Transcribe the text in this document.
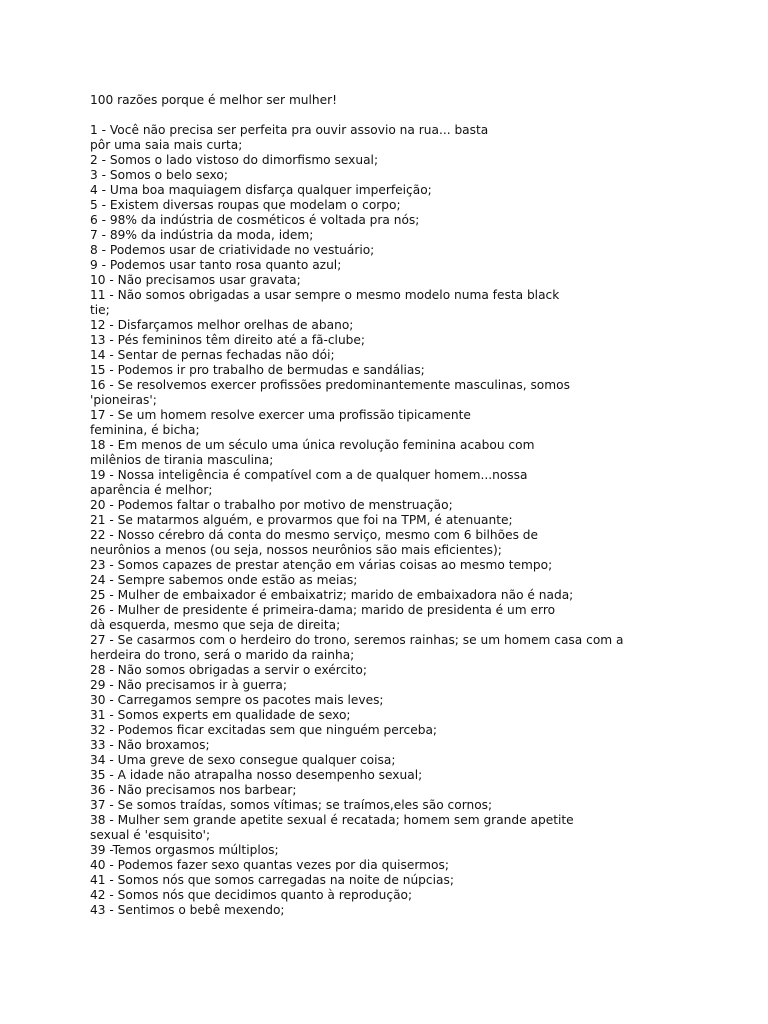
100 razões porque é melhor ser mulher!
1 - Você não precisa ser perfeita pra ouvir assovio na rua... basta
pôr uma saia mais curta;
2 - Somos o lado vistoso do dimorfismo sexual;
3 - Somos o belo sexo;
4 - Uma boa maquiagem disfarça qualquer imperfeição;
5 - Existem diversas roupas que modelam o corpo;
6 - 98% da indústria de cosméticos é voltada pra nós;
7 - 89% da indústria da moda, idem;
8 - Podemos usar de criatividade no vestuário;
9 - Podemos usar tanto rosa quanto azul;
10 - Não precisamos usar gravata;
11 - Não somos obrigadas a usar sempre o mesmo modelo numa festa black
tie;
12 - Disfarçamos melhor orelhas de abano;
13 - Pés femininos têm direito até a fã-clube;
14 - Sentar de pernas fechadas não dói;
15 - Podemos ir pro trabalho de bermudas e sandálias;
16 - Se resolvemos exercer profissões predominantemente masculinas, somos
'pioneiras';
17 - Se um homem resolve exercer uma profissão tipicamente
feminina, é bicha;
18 - Em menos de um século uma única revolução feminina acabou com
milênios de tirania masculina;
19 - Nossa inteligência é compatível com a de qualquer homem...nossa
aparência é melhor;
20 - Podemos faltar o trabalho por motivo de menstruação;
21 - Se matarmos alguém, e provarmos que foi na TPM, é atenuante;
22 - Nosso cérebro dá conta do mesmo serviço, mesmo com 6 bilhões de
neurônios a menos (ou seja, nossos neurônios são mais eficientes);
23 - Somos capazes de prestar atenção em várias coisas ao mesmo tempo;
24 - Sempre sabemos onde estão as meias;
25 - Mulher de embaixador é embaixatriz; marido de embaixadora não é nada;
26 - Mulher de presidente é primeira-dama; marido de presidenta é um erro
dà esquerda, mesmo que seja de direita;
27 - Se casarmos com o herdeiro do trono, seremos rainhas; se um homem casa com a
herdeira do trono, será o marido da rainha;
28 - Não somos obrigadas a servir o exército;
29 - Não precisamos ir à guerra;
30 - Carregamos sempre os pacotes mais leves;
31 - Somos experts em qualidade de sexo;
32 - Podemos ficar excitadas sem que ninguém perceba;
33 - Não broxamos;
34 - Uma greve de sexo consegue qualquer coisa;
35 - A idade não atrapalha nosso desempenho sexual;
36 - Não precisamos nos barbear;
37 - Se somos traídas, somos vítimas; se traímos,eles são cornos;
38 - Mulher sem grande apetite sexual é recatada; homem sem grande apetite
sexual é 'esquisito';
39 -Temos orgasmos múltiplos;
40 - Podemos fazer sexo quantas vezes por dia quisermos;
41 - Somos nós que somos carregadas na noite de núpcias;
42 - Somos nós que decidimos quanto à reprodução;
43 - Sentimos o bebê mexendo;
